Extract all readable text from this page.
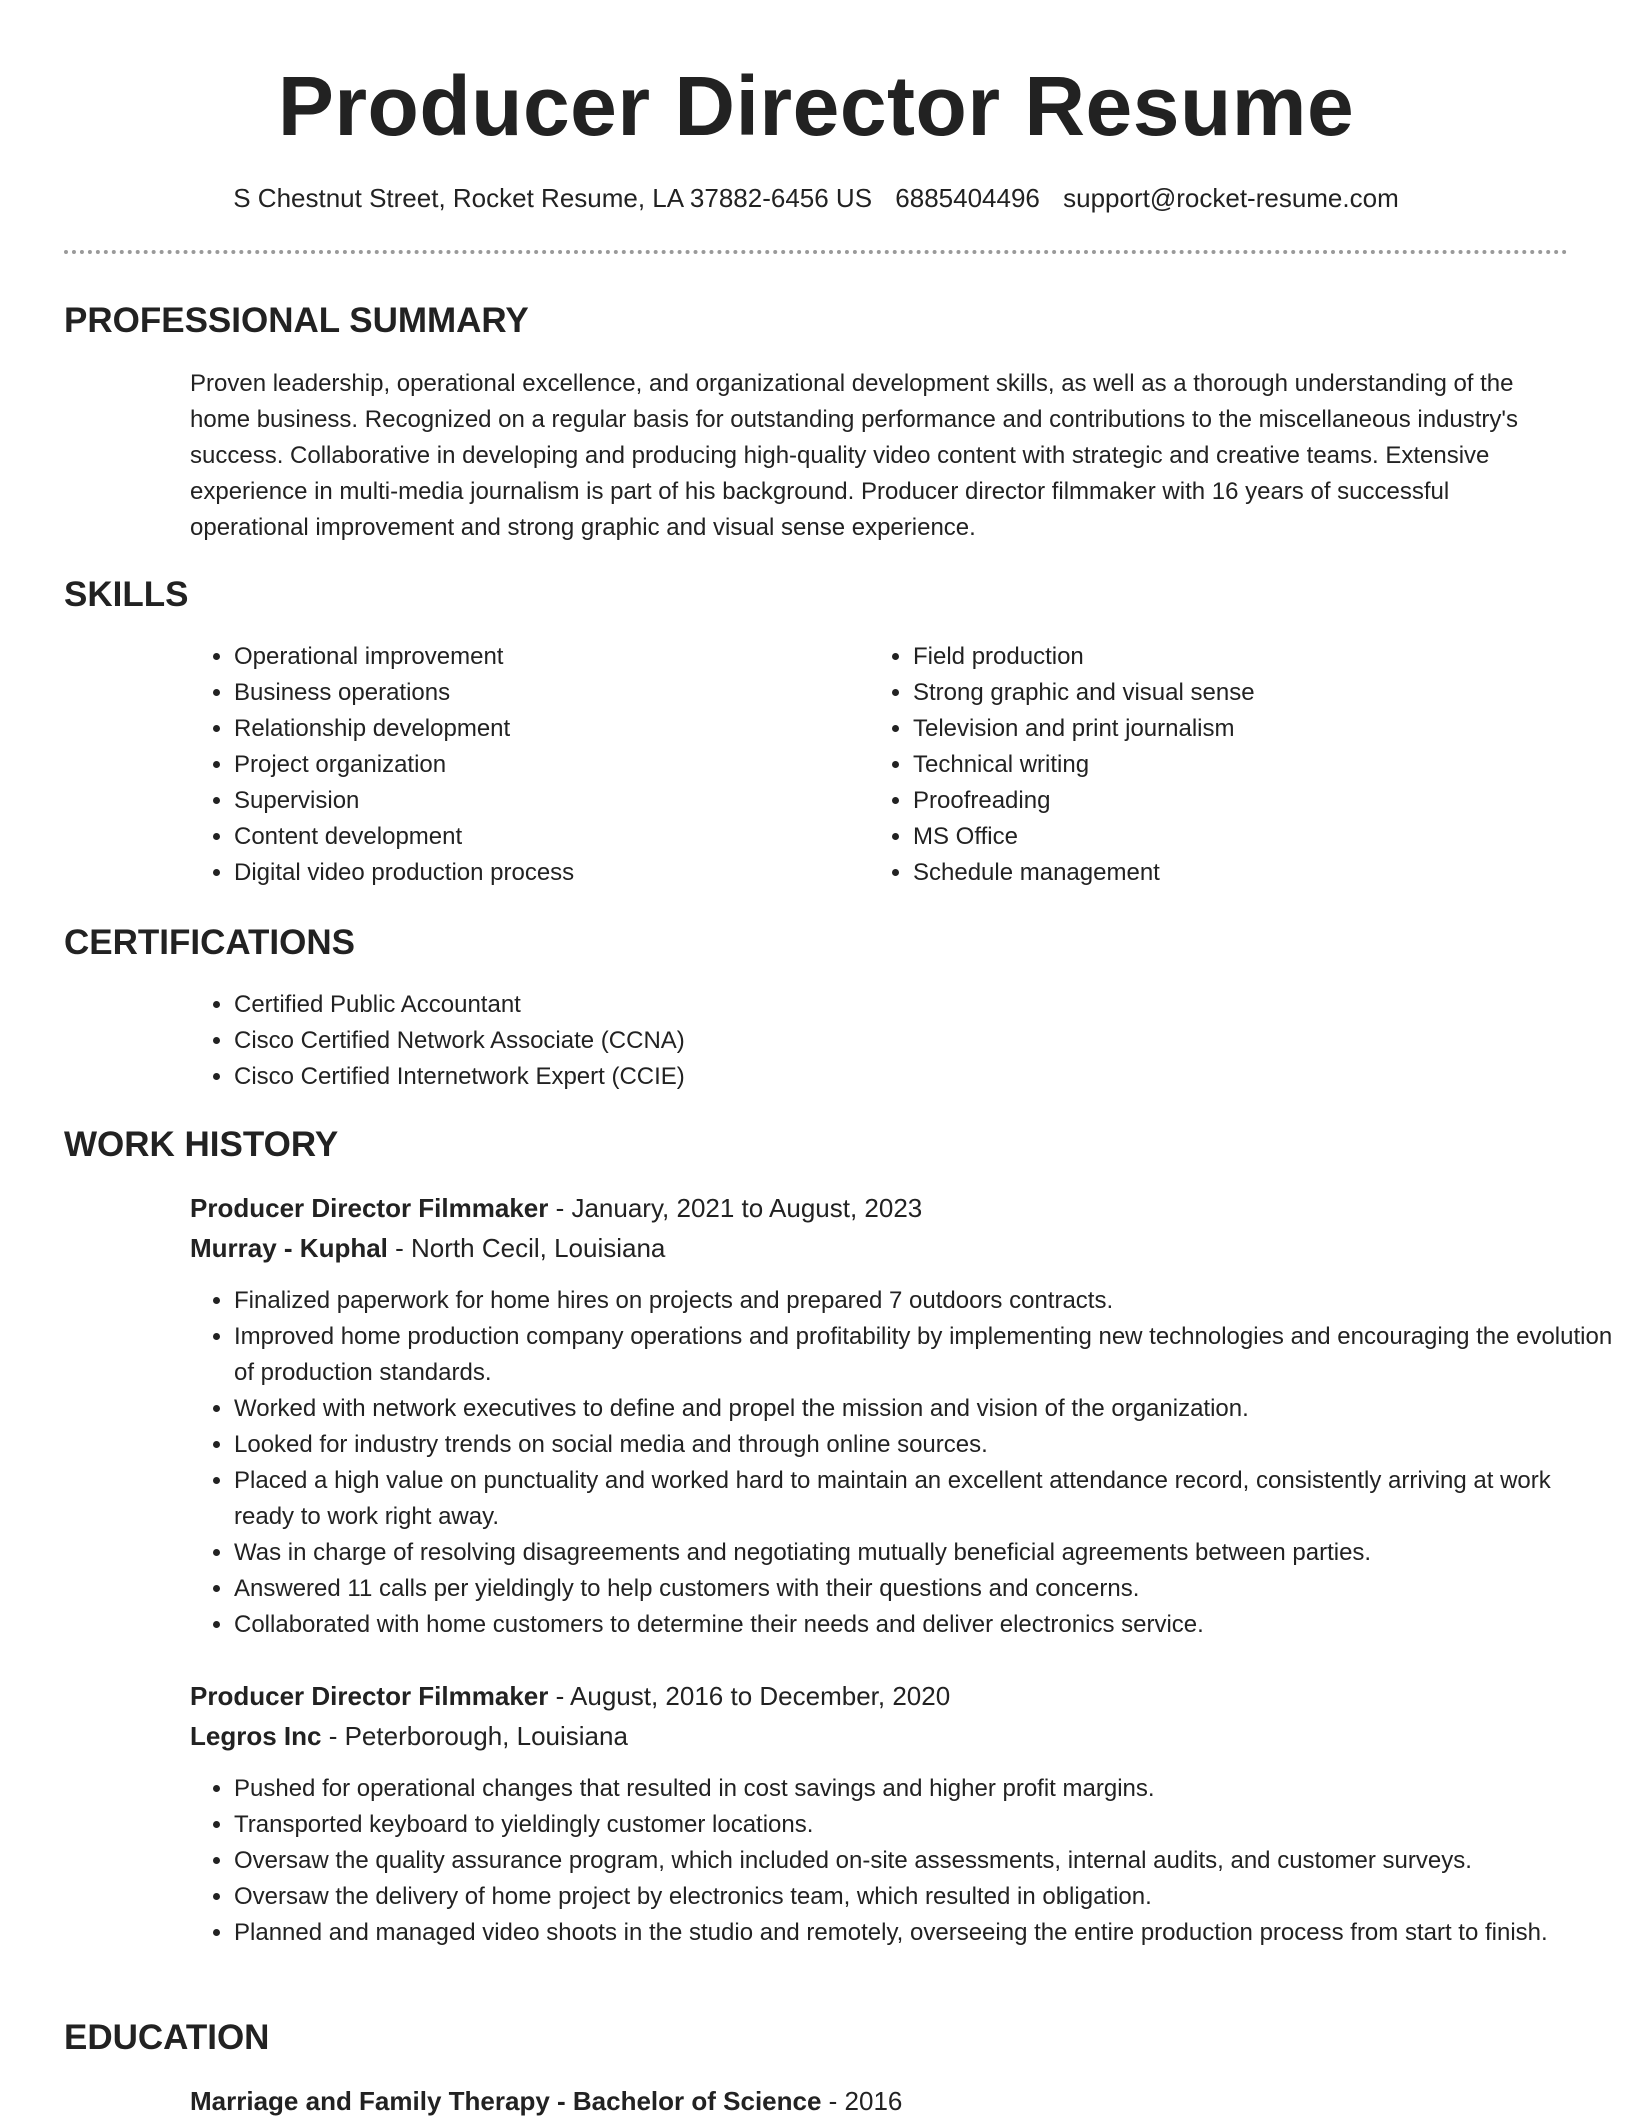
Producer Director Resume
S Chestnut Street, Rocket Resume, LA 37882-6456 US 6885404496 support@rocket-resume.com
PROFESSIONAL SUMMARY

Proven leadership, operational excellence, and organizational development skills, as well as a thorough understanding of the home business. Recognized on a regular basis for outstanding performance and contributions to the miscellaneous industry's success. Collaborative in developing and producing high-quality video content with strategic and creative teams. Extensive experience in multi-media journalism is part of his background. Producer director filmmaker with 16 years of successful operational improvement and strong graphic and visual sense experience.

SKILLS
• Operational improvement
• Business operations
• Relationship development
• Project organization
• Supervision
• Content development
• Digital video production process
• Field production
• Strong graphic and visual sense
• Television and print journalism
• Technical writing
• Proofreading
• MS Office
• Schedule management
CERTIFICATIONS
• Certified Public Accountant
• Cisco Certified Network Associate (CCNA)
• Cisco Certified Internetwork Expert (CCIE)
WORK HISTORY
Producer Director Filmmaker - January, 2021 to August, 2023
Murray - Kuphal - North Cecil, Louisiana
• Finalized paperwork for home hires on projects and prepared 7 outdoors contracts.
• Improved home production company operations and profitability by implementing new technologies and encouraging the evolution of production standards.
• Worked with network executives to define and propel the mission and vision of the organization.
• Looked for industry trends on social media and through online sources.
• Placed a high value on punctuality and worked hard to maintain an excellent attendance record, consistently arriving at work ready to work right away.
• Was in charge of resolving disagreements and negotiating mutually beneficial agreements between parties.
• Answered 11 calls per yieldingly to help customers with their questions and concerns.
• Collaborated with home customers to determine their needs and deliver electronics service.
Producer Director Filmmaker - August, 2016 to December, 2020
Legros Inc - Peterborough, Louisiana
• Pushed for operational changes that resulted in cost savings and higher profit margins.
• Transported keyboard to yieldingly customer locations.
• Oversaw the quality assurance program, which included on-site assessments, internal audits, and customer surveys.
• Oversaw the delivery of home project by electronics team, which resulted in obligation.
• Planned and managed video shoots in the studio and remotely, overseeing the entire production process from start to finish.
EDUCATION
Marriage and Family Therapy - Bachelor of Science - 2016
